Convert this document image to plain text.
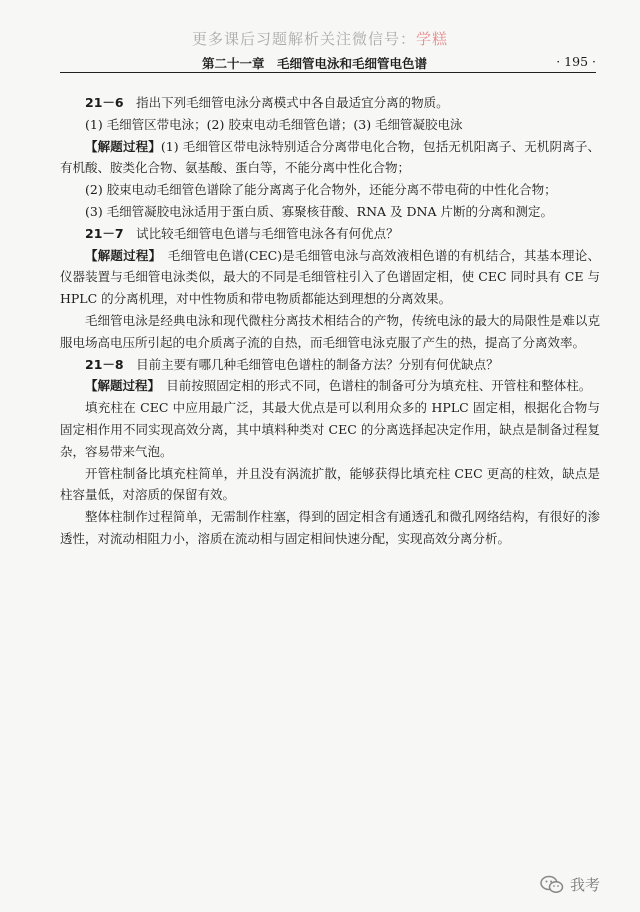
更多课后习题解析关注微信号：学糕
第二十一章　毛细管电泳和毛细管电色谱	· 195 ·

21－6　 指出下列毛细管电泳分离模式中各自最适宜分离的物质。

(1) 毛细管区带电泳；(2) 胶束电动毛细管色谱；(3) 毛细管凝胶电泳

【解题过程】(1) 毛细管区带电泳特别适合分离带电化合物，包括无机阳离子、无机阴离子、有机酸、胺类化合物、氨基酸、蛋白等，不能分离中性化合物；

(2) 胶束电动毛细管色谱除了能分离离子化合物外，还能分离不带电荷的中性化合物；

(3) 毛细管凝胶电泳适用于蛋白质、寡聚核苷酸、RNA 及 DNA 片断的分离和测定。

21－7　 试比较毛细管电色谱与毛细管电泳各有何优点？

【解题过程】　 毛细管电色谱(CEC)是毛细管电泳与高效液相色谱的有机结合，其基本理论、仪器装置与毛细管电泳类似，最大的不同是毛细管柱引入了色谱固定相，使 CEC 同时具有 CE 与 HPLC 的分离机理，对中性物质和带电物质都能达到理想的分离效果。

毛细管电泳是经典电泳和现代微柱分离技术相结合的产物，传统电泳的最大的局限性是难以克服电场高电压所引起的电介质离子流的自热，而毛细管电泳克服了产生的热，提高了分离效率。

21－8　 目前主要有哪几种毛细管电色谱柱的制备方法？分别有何优缺点？

【解题过程】　 目前按照固定相的形式不同，色谱柱的制备可分为填充柱、开管柱和整体柱。

填充柱在 CEC 中应用最广泛，其最大优点是可以利用众多的 HPLC 固定相，根据化合物与固定相作用不同实现高效分离，其中填料种类对 CEC 的分离选择起决定作用，缺点是制备过程复杂，容易带来气泡。

开管柱制备比填充柱简单，并且没有涡流扩散，能够获得比填充柱 CEC 更高的柱效，缺点是柱容量低，对溶质的保留有效。

整体柱制作过程简单，无需制作柱塞，得到的固定相含有通透孔和微孔网络结构，有很好的渗透性，对流动相阻力小，溶质在流动相与固定相间快速分配，实现高效分离分析。

我考
